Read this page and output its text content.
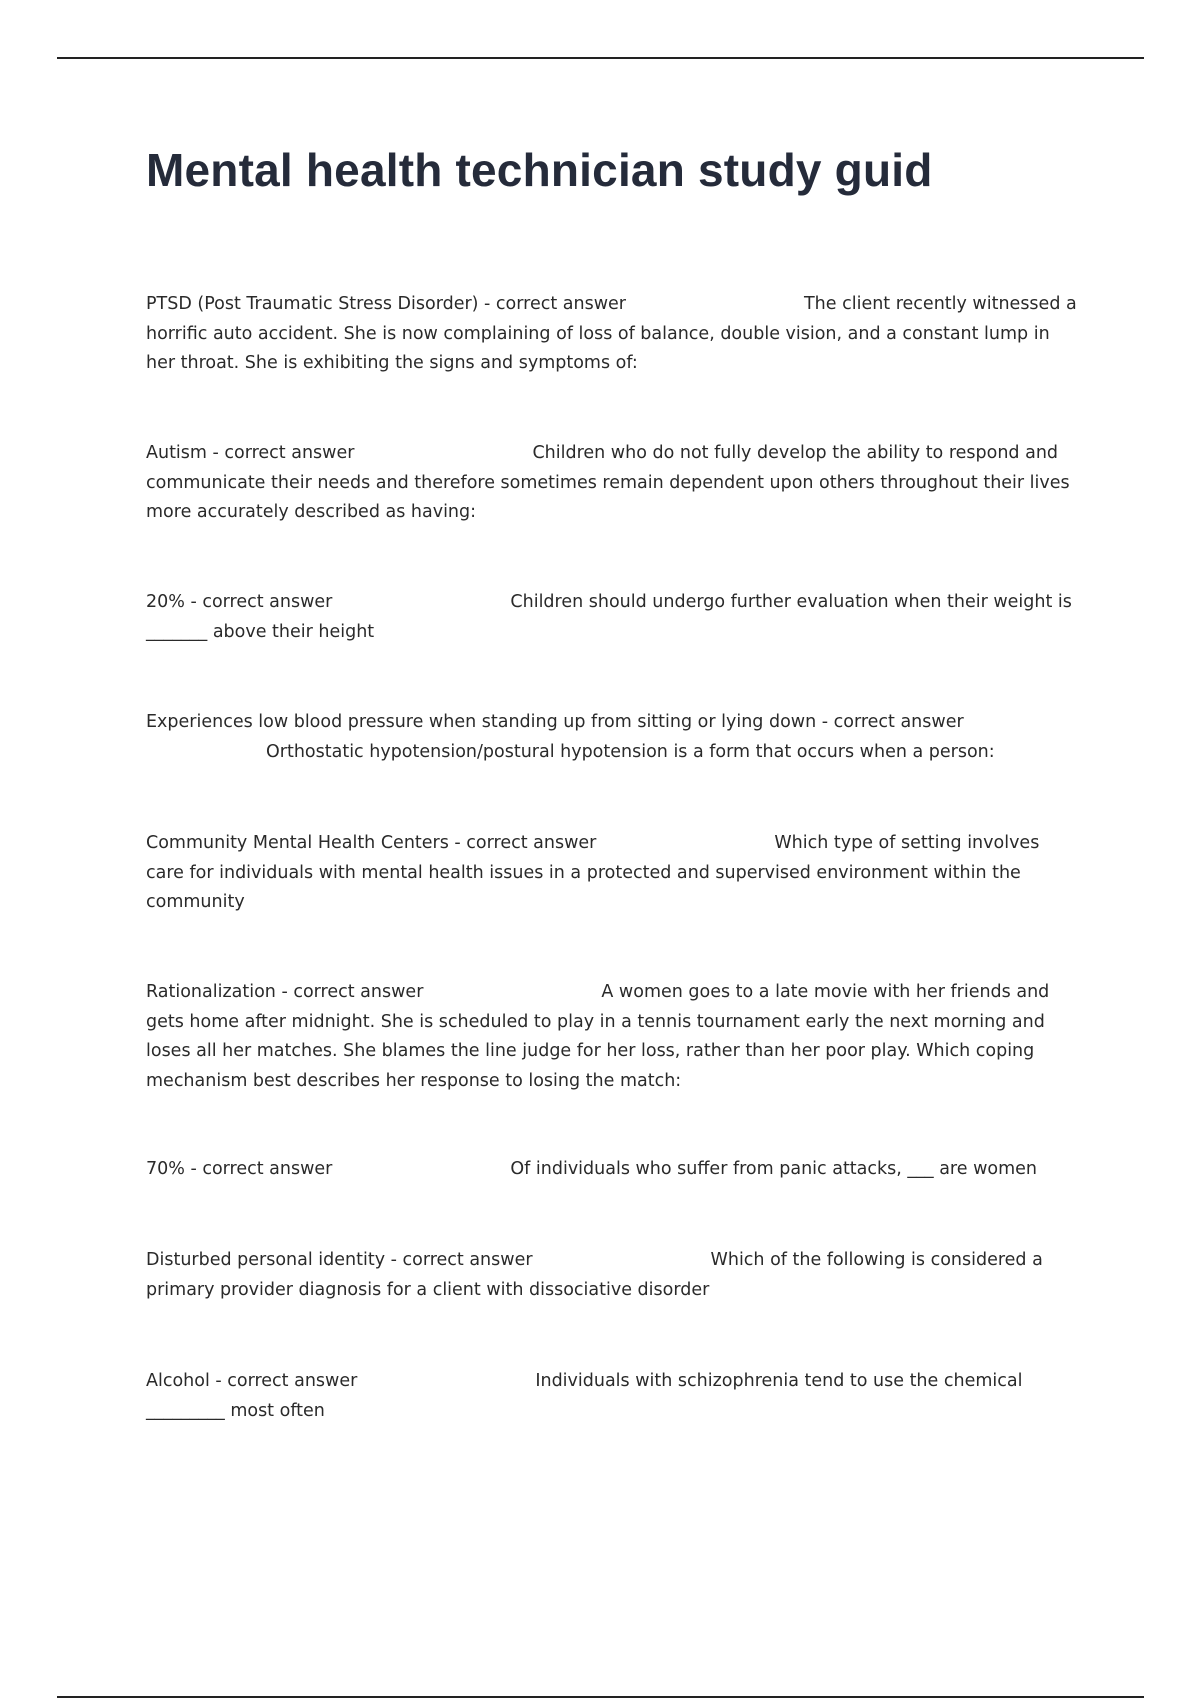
Mental health technician study guid

PTSD (Post Traumatic Stress Disorder) - correct answer	The client recently witnessed a horrific auto accident. She is now complaining of loss of balance, double vision, and a constant lump in her throat. She is exhibiting the signs and symptoms of:

Autism - correct answer	Children who do not fully develop the ability to respond and communicate their needs and therefore sometimes remain dependent upon others throughout their lives more accurately described as having:

20% - correct answer	Children should undergo further evaluation when their weight is _______ above their height

Experiences low blood pressure when standing up from sitting or lying down - correct answerOrthostatic hypotension/postural hypotension is a form that occurs when a person:

Community Mental Health Centers - correct answer	Which type of setting involves care for individuals with mental health issues in a protected and supervised environment within the community

Rationalization - correct answer	A women goes to a late movie with her friends and gets home after midnight. She is scheduled to play in a tennis tournament early the next morning and loses all her matches. She blames the line judge for her loss, rather than her poor play. Which coping mechanism best describes her response to losing the match:

70% - correct answer	Of individuals who suffer from panic attacks, ___ are women

Disturbed personal identity - correct answer	Which of the following is considered a primary provider diagnosis for a client with dissociative disorder

Alcohol - correct answer	Individuals with schizophrenia tend to use the chemical _________ most often
